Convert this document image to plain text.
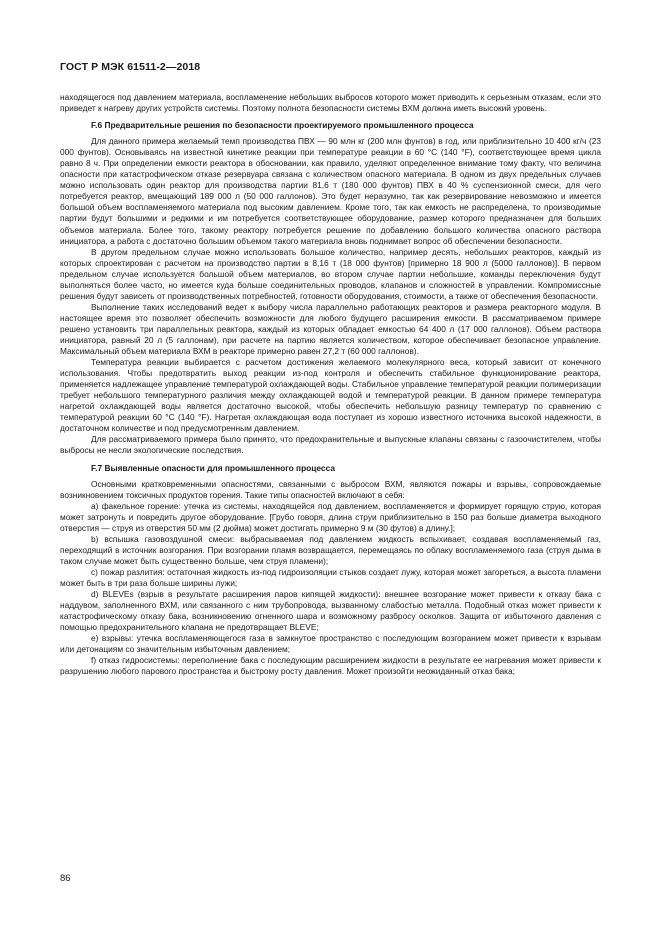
ГОСТ Р МЭК 61511-2—2018

находящегося под давлением материала, воспламенение небольших выбросов которого может приводить к серьезным отказам, если это приведет к нагреву других устройств системы. Поэтому полнота безопасности системы ВХМ должна иметь высокий уровень.

F.6 Предварительные решения по безопасности проектируемого промышленного процесса

Для данного примера желаемый темп производства ПВХ — 90 млн кг (200 млн фунтов) в год, или приблизительно 10 400 кг/ч (23 000 фунтов). Основываясь на известной кинетике реакции при температуре реакции в 60 °С (140 °F), соответствующее время цикла равно 8 ч. При определении емкости реактора в обосновании, как правило, уделяют определенное внимание тому факту, что величина опасности при катастрофическом отказе резервуара связана с количеством опасного материала. В одном из двух предельных случаев можно использовать один реактор для производства партии 81,6 т (180 000 фунтов) ПВХ в 40 % суспензионной смеси, для чего потребуется реактор, вмещающий 189 000 л (50 000 галлонов). Это будет неразумно, так как резервирование невозможно и имеется большой объем воспламеняемого материала под высоким давлением. Кроме того, так как емкость не распределена, то производимые партии будут большими и редкими и им потребуется соответствующее оборудование, размер которого предназначен для больших объемов материала. Более того, такому реактору потребуется решение по добавлению большого количества опасного раствора инициатора, а работа с достаточно большим объемом такого материала вновь поднимает вопрос об обеспечении безопасности.

В другом предельном случае можно использовать большое количество, например десять, небольших реакторов, каждый из которых спроектирован с расчетом на производство партии в 8,16 т (18 000 фунтов) [примерно 18 900 л (5000 галлонов)]. В первом предельном случае используется большой объем материалов, во втором случае партии небольшие, команды переключения будут выполняться более часто, но имеется куда больше соединительных проводов, клапанов и сложностей в управлении. Компромиссные решения будут зависеть от производственных потребностей, готовности оборудования, стоимости, а также от обеспечения безопасности.

Выполнение таких исследований ведет к выбору числа параллельно работающих реакторов и размера реакторного модуля. В настоящее время это позволяет обеспечить возможности для любого будущего расширения емкости. В рассматриваемом примере решено установить три параллельных реактора, каждый из которых обладает емкостью 64 400 л (17 000 галлонов). Объем раствора инициатора, равный 20 л (5 галлонам), при расчете на партию является количеством, которое обеспечивает безопасное управление. Максимальный объем материала ВХМ в реакторе примерно равен 27,2 т (60 000 галлонов).

Температура реакции выбирается с расчетом достижения желаемого молекулярного веса, который зависит от конечного использования. Чтобы предотвратить выход реакции из-под контроля и обеспечить стабильное функционирование реактора, применяется надлежащее управление температурой охлаждающей воды. Стабильное управление температурой реакции полимеризации требует небольшого температурного различия между охлаждающей водой и температурой реакции. В данном примере температура нагретой охлаждающей воды является достаточно высокой, чтобы обеспечить небольшую разницу температур по сравнению с температурой реакции 60 °С (140 °F). Нагретая охлаждающая вода поступает из хорошо известного источника высокой надежности, в достаточном количестве и под предусмотренным давлением.

Для рассматриваемого примера было принято, что предохранительные и выпускные клапаны связаны с газоочистителем, чтобы выбросы не несли экологические последствия.

F.7 Выявленные опасности для промышленного процесса

Основными кратковременными опасностями, связанными с выбросом ВХМ, являются пожары и взрывы, сопровождаемые возникновением токсичных продуктов горения. Такие типы опасностей включают в себя:

a) факельное горение: утечка из системы, находящейся под давлением, воспламеняется и формирует горящую струю, которая может затронуть и повредить другое оборудование. [Грубо говоря, длина струи приблизительно в 150 раз больше диаметра выходного отверстия — струя из отверстия 50 мм (2 дюйма) может достигать примерно 9 м (30 футов) в длину.];

b) вспышка газовоздушной смеси: выбрасываемая под давлением жидкость вспыхивает, создавая воспламеняемый газ, переходящий в источник возгорания. При возгорании пламя возвращается, перемещаясь по облаку воспламеняемого газа (струя дыма в таком случае может быть существенно больше, чем струя пламени);

c) пожар разлития: остаточная жидкость из-под гидроизоляции стыков создает лужу, которая может загореться, а высота пламени может быть в три раза больше ширины лужи;

d) BLEVEs (взрыв в результате расширения паров кипящей жидкости): внешнее возгорание может привести к отказу бака с наддувом, заполненного ВХМ, или связанного с ним трубопровода, вызванному слабостью металла. Подобный отказ может привести к катастрофическому отказу бака, возникновению огненного шара и возможному разбросу осколков. Защита от избыточного давления с помощью предохранительного клапана не предотвращает BLEVE;

e) взрывы: утечка воспламеняющегося газа в замкнутое пространство с последующим возгоранием может привести к взрывам или детонациям со значительным избыточным давлением;

f) отказ гидросистемы: переполнение бака с последующим расширением жидкости в результате ее нагревания может привести к разрушению любого парового пространства и быстрому росту давления. Может произойти неожиданный отказ бака;

86
